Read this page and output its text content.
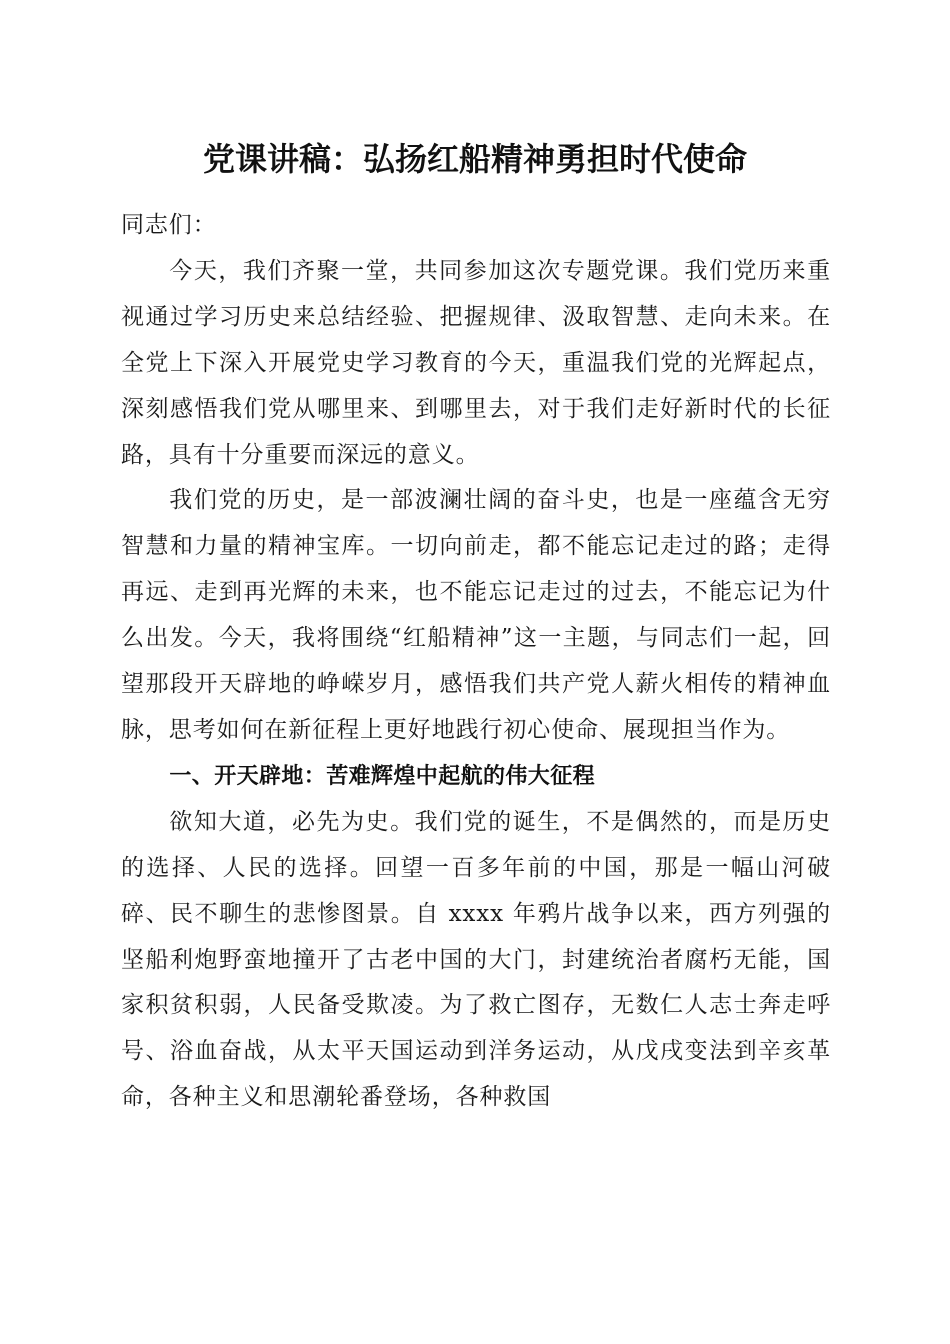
党课讲稿：弘扬红船精神勇担时代使命

同志们：

今天，我们齐聚一堂，共同参加这次专题党课。我们党历来重视通过学习历史来总结经验、把握规律、汲取智慧、走向未来。在全党上下深入开展党史学习教育的今天，重温我们党的光辉起点，深刻感悟我们党从哪里来、到哪里去，对于我们走好新时代的长征路，具有十分重要而深远的意义。

我们党的历史，是一部波澜壮阔的奋斗史，也是一座蕴含无穷智慧和力量的精神宝库。一切向前走，都不能忘记走过的路；走得再远、走到再光辉的未来，也不能忘记走过的过去，不能忘记为什么出发。今天，我将围绕“红船精神”这一主题，与同志们一起，回望那段开天辟地的峥嵘岁月，感悟我们共产党人薪火相传的精神血脉，思考如何在新征程上更好地践行初心使命、展现担当作为。

一、开天辟地：苦难辉煌中起航的伟大征程

欲知大道，必先为史。我们党的诞生，不是偶然的，而是历史的选择、人民的选择。回望一百多年前的中国，那是一幅山河破碎、民不聊生的悲惨图景。自 xxxx 年鸦片战争以来，西方列强的坚船利炮野蛮地撞开了古老中国的大门，封建统治者腐朽无能，国家积贫积弱，人民备受欺凌。为了救亡图存，无数仁人志士奔走呼号、浴血奋战，从太平天国运动到洋务运动，从戊戌变法到辛亥革命，各种主义和思潮轮番登场，各种救国
